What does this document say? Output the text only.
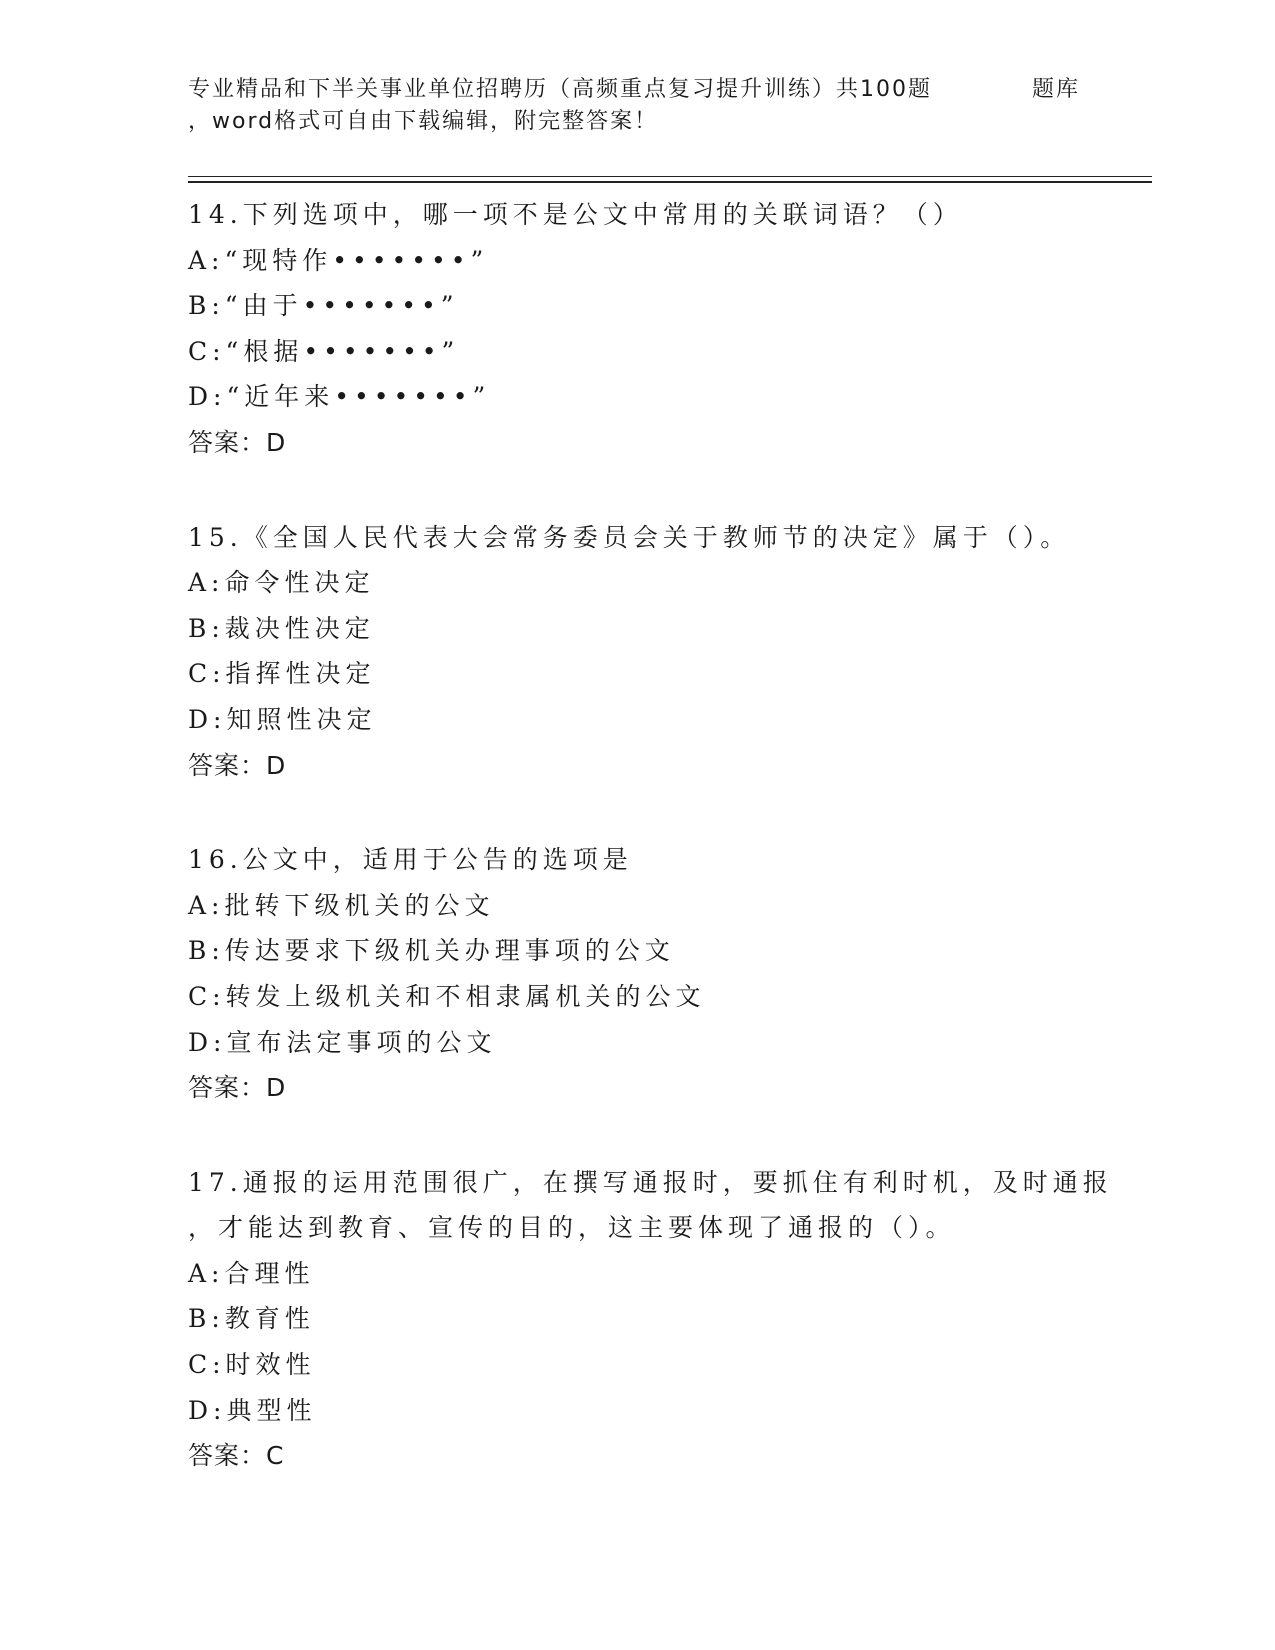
专业精品和下半关事业单位招聘历（高频重点复习提升训练）共100题	题库
，word格式可自由下载编辑，附完整答案！
14.下列选项中，哪一项不是公文中常用的关联词语？（）
A:“现特作•••••••”
B:“由于•••••••”
C:“根据•••••••”
D:“近年来•••••••”
答案：D
15.《全国人民代表大会常务委员会关于教师节的决定》属于（）。
A:命令性决定
B:裁决性决定
C:指挥性决定
D:知照性决定
答案：D
16.公文中，适用于公告的选项是
A:批转下级机关的公文
B:传达要求下级机关办理事项的公文
C:转发上级机关和不相隶属机关的公文
D:宣布法定事项的公文
答案：D
17.通报的运用范围很广，在撰写通报时，要抓住有利时机，及时通报
，才能达到教育、宣传的目的，这主要体现了通报的（）。
A:合理性
B:教育性
C:时效性
D:典型性
答案：C
